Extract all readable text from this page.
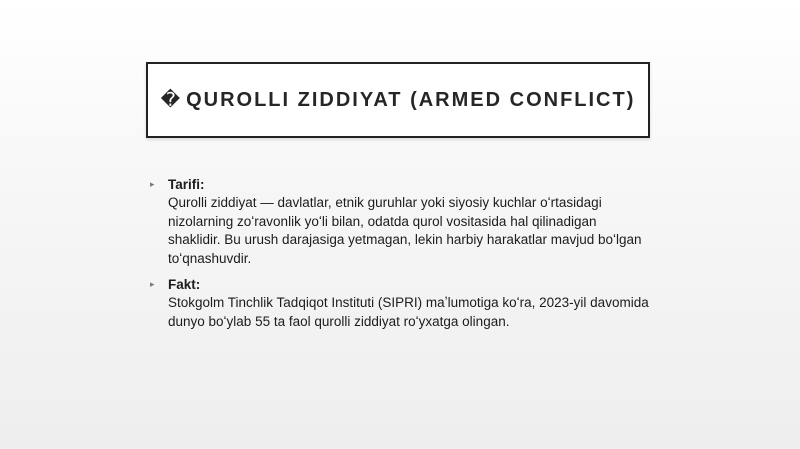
� QUROLLI ZIDDIYAT (ARMED CONFLICT)
▸ Tarifi:
Qurolli ziddiyat — davlatlar, etnik guruhlar yoki siyosiy kuchlar oʻrtasidagi nizolarning zoʻravonlik yoʻli bilan, odatda qurol vositasida hal qilinadigan shaklidir. Bu urush darajasiga yetmagan, lekin harbiy harakatlar mavjud boʻlgan toʻqnashuvdir.
▸ Fakt:
Stokgolm Tinchlik Tadqiqot Instituti (SIPRI) maʼlumotiga koʻra, 2023-yil davomida dunyo boʻylab 55 ta faol qurolli ziddiyat roʻyxatga olingan.
